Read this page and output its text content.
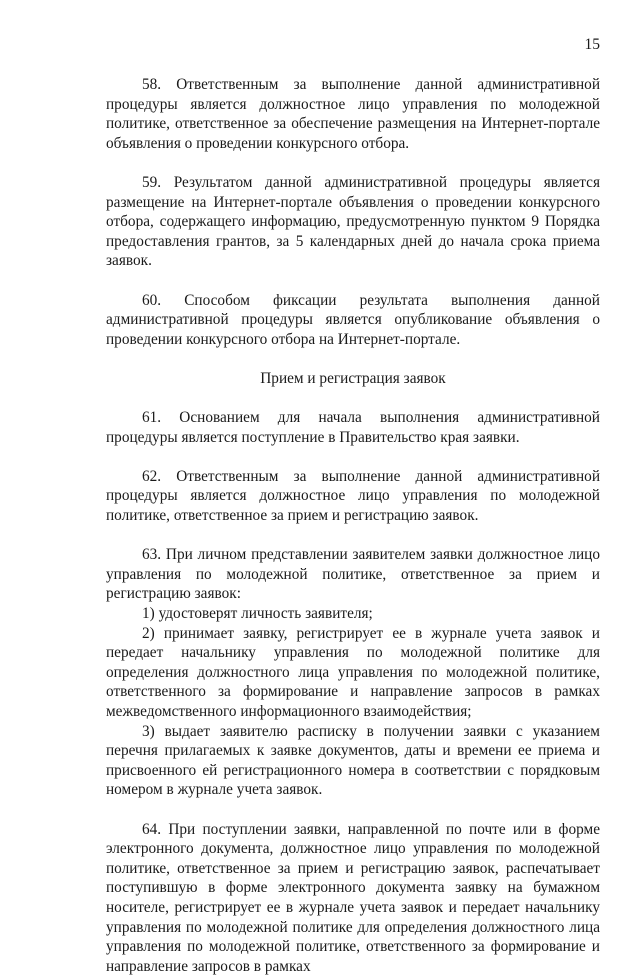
15

58. Ответственным за выполнение данной административной процедуры является должностное лицо управления по молодежной политике, ответственное за обеспечение размещения на Интернет-портале объявления о проведении конкурсного отбора.

59. Результатом данной административной процедуры является размещение на Интернет-портале объявления о проведении конкурсного отбора, содержащего информацию, предусмотренную пунктом 9 Порядка предоставления грантов, за 5 календарных дней до начала срока приема заявок.

60. Способом фиксации результата выполнения данной административной процедуры является опубликование объявления о проведении конкурсного отбора на Интернет-портале.

Прием и регистрация заявок

61. Основанием для начала выполнения административной процедуры является поступление в Правительство края заявки.

62. Ответственным за выполнение данной административной процедуры является должностное лицо управления по молодежной политике, ответственное за прием и регистрацию заявок.

63. При личном представлении заявителем заявки должностное лицо управления по молодежной политике, ответственное за прием и регистрацию заявок:

1) удостоверят личность заявителя;

2) принимает заявку, регистрирует ее в журнале учета заявок и передает начальнику управления по молодежной политике для определения должностного лица управления по молодежной политике, ответственного за формирование и направление запросов в рамках межведомственного информационного взаимодействия;

3) выдает заявителю расписку в получении заявки с указанием перечня прилагаемых к заявке документов, даты и времени ее приема и присвоенного ей регистрационного номера в соответствии с порядковым номером в журнале учета заявок.

64. При поступлении заявки, направленной по почте или в форме электронного документа, должностное лицо управления по молодежной политике, ответственное за прием и регистрацию заявок, распечатывает поступившую в форме электронного документа заявку на бумажном носителе, регистрирует ее в журнале учета заявок и передает начальнику управления по молодежной политике для определения должностного лица управления по молодежной политике, ответственного за формирование и направление запросов в рамках
